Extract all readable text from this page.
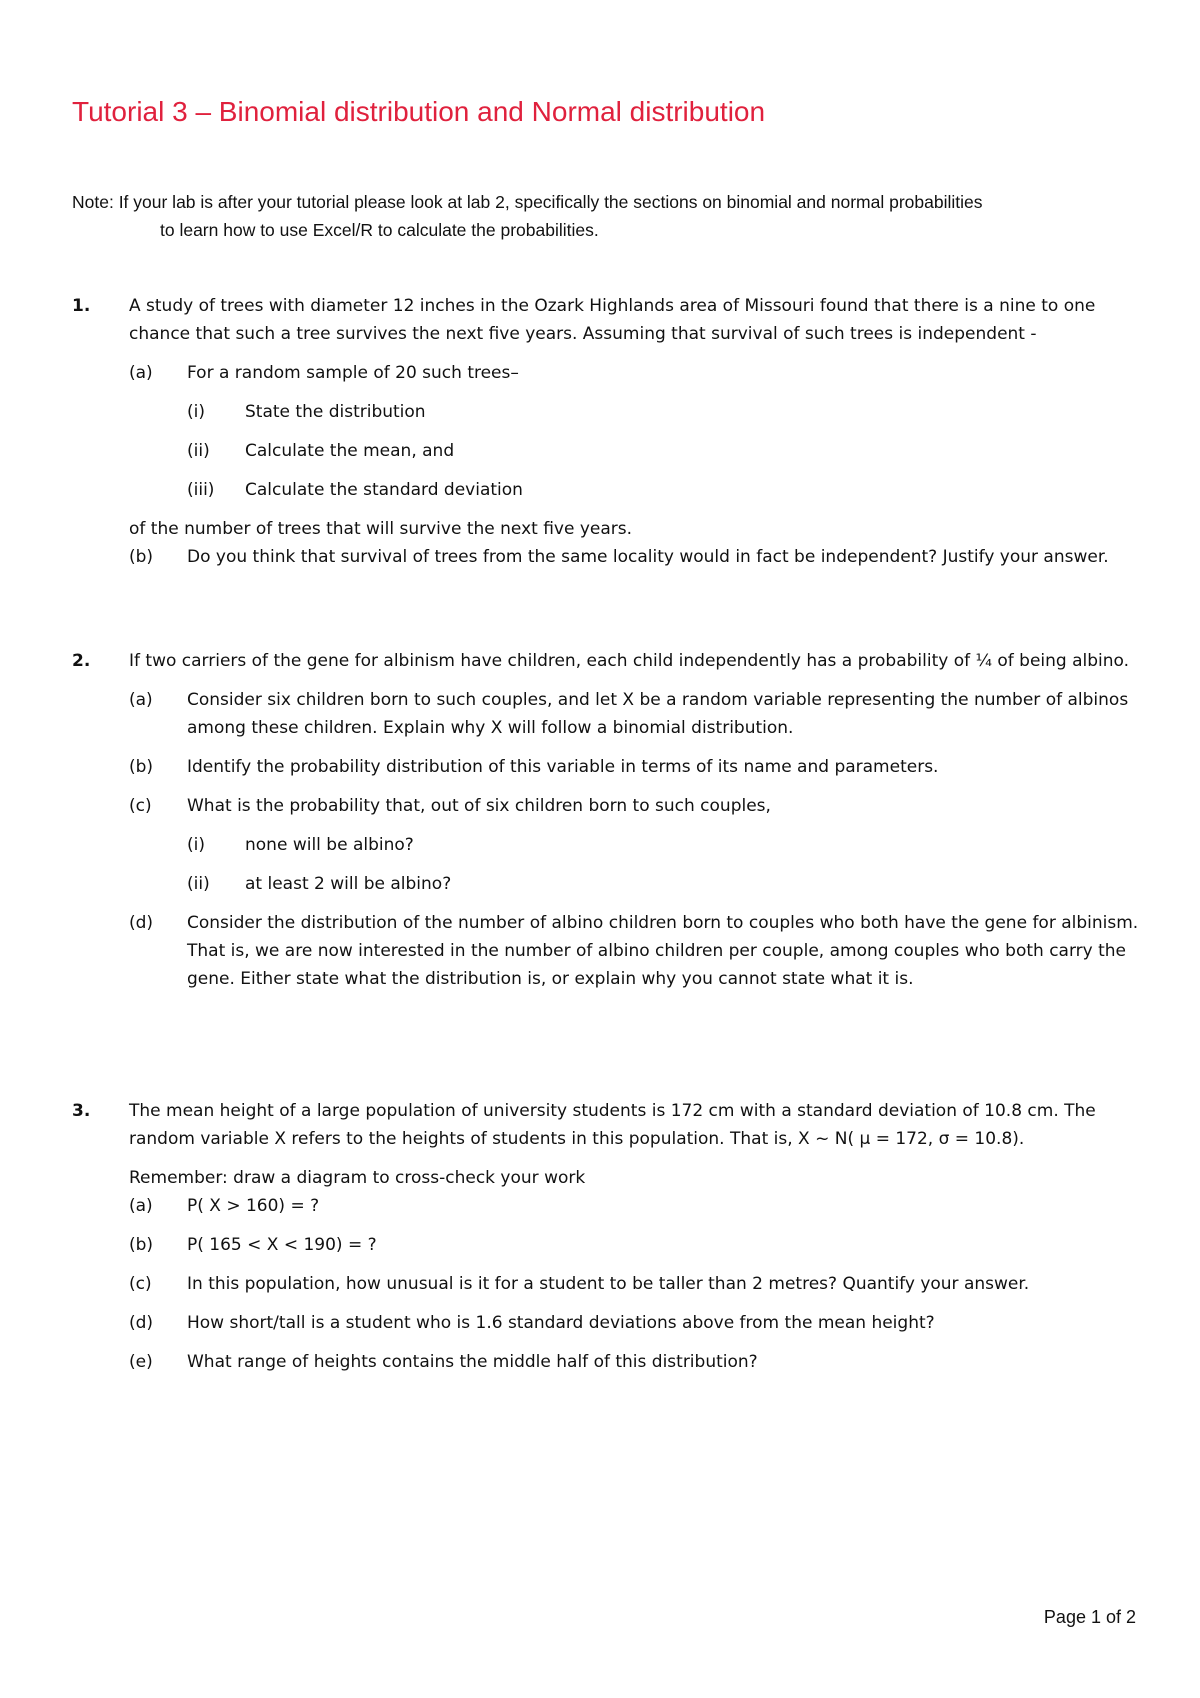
Tutorial 3 – Binomial distribution and Normal distribution
Note: If your lab is after your tutorial please look at lab 2, specifically the sections on binomial and normal probabilities
to learn how to use Excel/R to calculate the probabilities.
1.	A study of trees with diameter 12 inches in the Ozark Highlands area of Missouri found that there is a nine to one chance that such a tree survives the next five years. Assuming that survival of such trees is independent -
(a)	For a random sample of 20 such trees–
(i)	State the distribution
(ii)	Calculate the mean, and
(iii)	Calculate the standard deviation
of the number of trees that will survive the next five years.
(b)	Do you think that survival of trees from the same locality would in fact be independent? Justify your answer.
2.	If two carriers of the gene for albinism have children, each child independently has a probability of ¼ of being albino.
(a)	Consider six children born to such couples, and let X be a random variable representing the number of albinos among these children. Explain why X will follow a binomial distribution.
(b)	Identify the probability distribution of this variable in terms of its name and parameters.
(c)	What is the probability that, out of six children born to such couples,
(i)	none will be albino?
(ii)	at least 2 will be albino?
(d)	Consider the distribution of the number of albino children born to couples who both have the gene for albinism. That is, we are now interested in the number of albino children per couple, among couples who both carry the gene. Either state what the distribution is, or explain why you cannot state what it is.
3.	The mean height of a large population of university students is 172 cm with a standard deviation of 10.8 cm. The random variable X refers to the heights of students in this population. That is, X ~ N( μ = 172, σ = 10.8).
Remember: draw a diagram to cross-check your work
(a)	P( X > 160) = ?
(b)	P( 165 < X < 190) = ?
(c)	In this population, how unusual is it for a student to be taller than 2 metres? Quantify your answer.
(d)	How short/tall is a student who is 1.6 standard deviations above from the mean height?
(e)	What range of heights contains the middle half of this distribution?
Page 1 of 2
